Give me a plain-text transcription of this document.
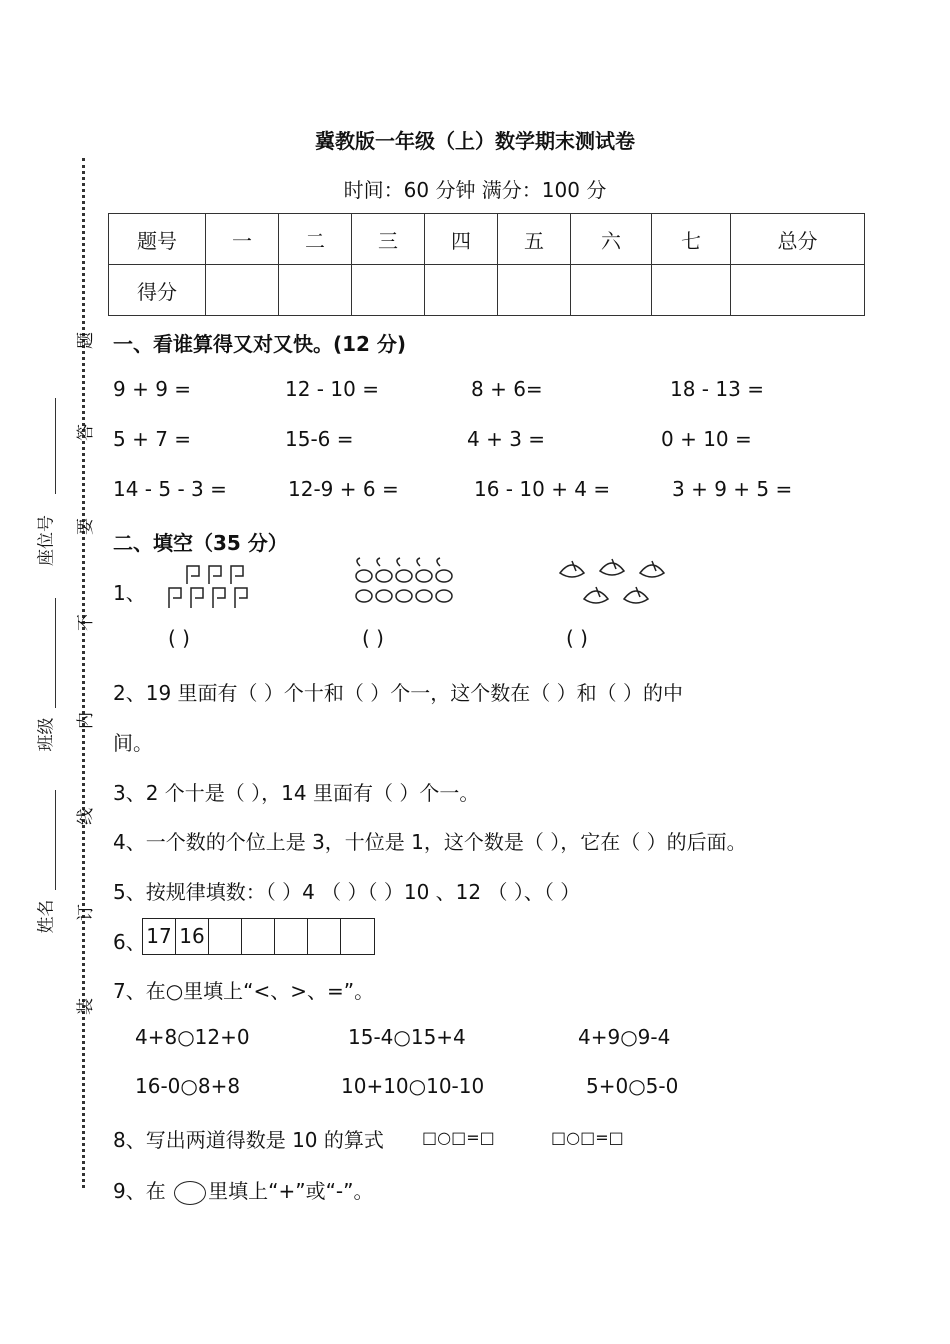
冀教版一年级（上）数学期末测试卷
时间：60 分钟 满分：100 分
题号	一	二	三	四	五	六	七	总分
得分								
题
答
要
不
内
线
订
装
座位号
班级
姓名
一、看谁算得又对又快。(12 分)
9 + 9 =	12 - 10 =	8 + 6=	18 - 13 =
5 + 7 =	15-6 =	4 + 3 =	0 + 10 =
14 - 5 - 3 =	12-9 + 6 =	16 - 10 + 4 =	3 + 9 + 5 =
二、填空（35 分）
1、
( )	( )	( )
2、19 里面有（ ）个十和（ ）个一，这个数在（ ）和（ ）的中
间。
3、2 个十是（ ），14 里面有（ ）个一。
4、一个数的个位上是 3，十位是 1，这个数是（ ），它在（ ）的后面。
5、按规律填数：（ ）4 （ ）（ ）10 、12 （ ）、（ ）
6、 17 16
7、在○里填上“<、>、=”。
4+8○12+0	15-4○15+4	4+9○9-4
16-0○8+8	10+10○10-10	5+0○5-0
8、写出两道得数是 10 的算式 □○□=□	□○□=□
9、在 里填上“+”或“-”。
